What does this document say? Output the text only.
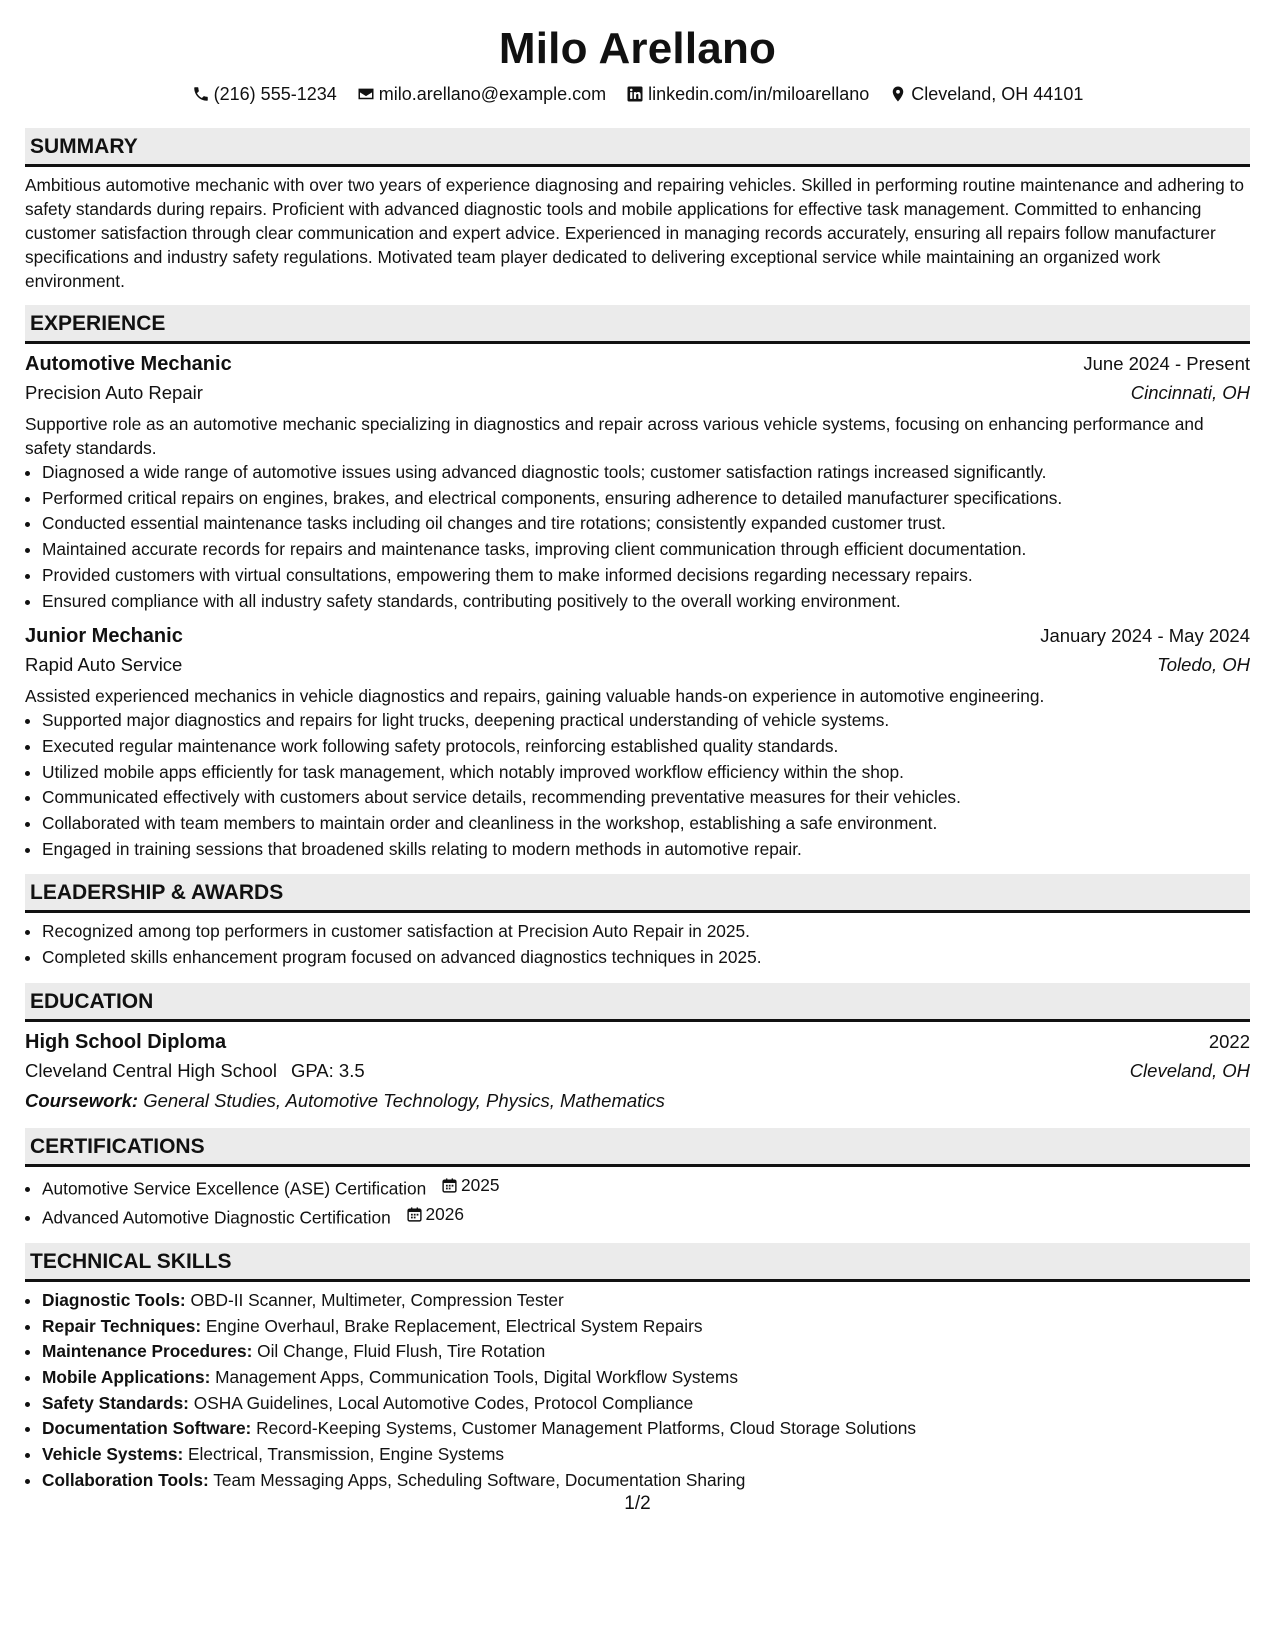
Milo Arellano
(216) 555-1234 milo.arellano@example.com linkedin.com/in/miloarellano Cleveland, OH 44101
SUMMARY

Ambitious automotive mechanic with over two years of experience diagnosing and repairing vehicles. Skilled in performing routine maintenance and adhering to safety standards during repairs. Proficient with advanced diagnostic tools and mobile applications for effective task management. Committed to enhancing customer satisfaction through clear communication and expert advice. Experienced in managing records accurately, ensuring all repairs follow manufacturer specifications and industry safety regulations. Motivated team player dedicated to delivering exceptional service while maintaining an organized work environment.

EXPERIENCE
Automotive Mechanic	June 2024 - Present
Precision Auto Repair	Cincinnati, OH
Supportive role as an automotive mechanic specializing in diagnostics and repair across various vehicle systems, focusing on enhancing performance and safety standards.
• Diagnosed a wide range of automotive issues using advanced diagnostic tools; customer satisfaction ratings increased significantly.
• Performed critical repairs on engines, brakes, and electrical components, ensuring adherence to detailed manufacturer specifications.
• Conducted essential maintenance tasks including oil changes and tire rotations; consistently expanded customer trust.
• Maintained accurate records for repairs and maintenance tasks, improving client communication through efficient documentation.
• Provided customers with virtual consultations, empowering them to make informed decisions regarding necessary repairs.
• Ensured compliance with all industry safety standards, contributing positively to the overall working environment.
Junior Mechanic	January 2024 - May 2024
Rapid Auto Service	Toledo, OH
Assisted experienced mechanics in vehicle diagnostics and repairs, gaining valuable hands-on experience in automotive engineering.
• Supported major diagnostics and repairs for light trucks, deepening practical understanding of vehicle systems.
• Executed regular maintenance work following safety protocols, reinforcing established quality standards.
• Utilized mobile apps efficiently for task management, which notably improved workflow efficiency within the shop.
• Communicated effectively with customers about service details, recommending preventative measures for their vehicles.
• Collaborated with team members to maintain order and cleanliness in the workshop, establishing a safe environment.
• Engaged in training sessions that broadened skills relating to modern methods in automotive repair.
LEADERSHIP & AWARDS
• Recognized among top performers in customer satisfaction at Precision Auto Repair in 2025.
• Completed skills enhancement program focused on advanced diagnostics techniques in 2025.
EDUCATION
High School Diploma	2022
Cleveland Central High School GPA: 3.5	Cleveland, OH
Coursework: General Studies, Automotive Technology, Physics, Mathematics
CERTIFICATIONS
• Automotive Service Excellence (ASE) Certification 2025
• Advanced Automotive Diagnostic Certification 2026
TECHNICAL SKILLS
• Diagnostic Tools: OBD-II Scanner, Multimeter, Compression Tester
• Repair Techniques: Engine Overhaul, Brake Replacement, Electrical System Repairs
• Maintenance Procedures: Oil Change, Fluid Flush, Tire Rotation
• Mobile Applications: Management Apps, Communication Tools, Digital Workflow Systems
• Safety Standards: OSHA Guidelines, Local Automotive Codes, Protocol Compliance
• Documentation Software: Record-Keeping Systems, Customer Management Platforms, Cloud Storage Solutions
• Vehicle Systems: Electrical, Transmission, Engine Systems
• Collaboration Tools: Team Messaging Apps, Scheduling Software, Documentation Sharing
1/2
